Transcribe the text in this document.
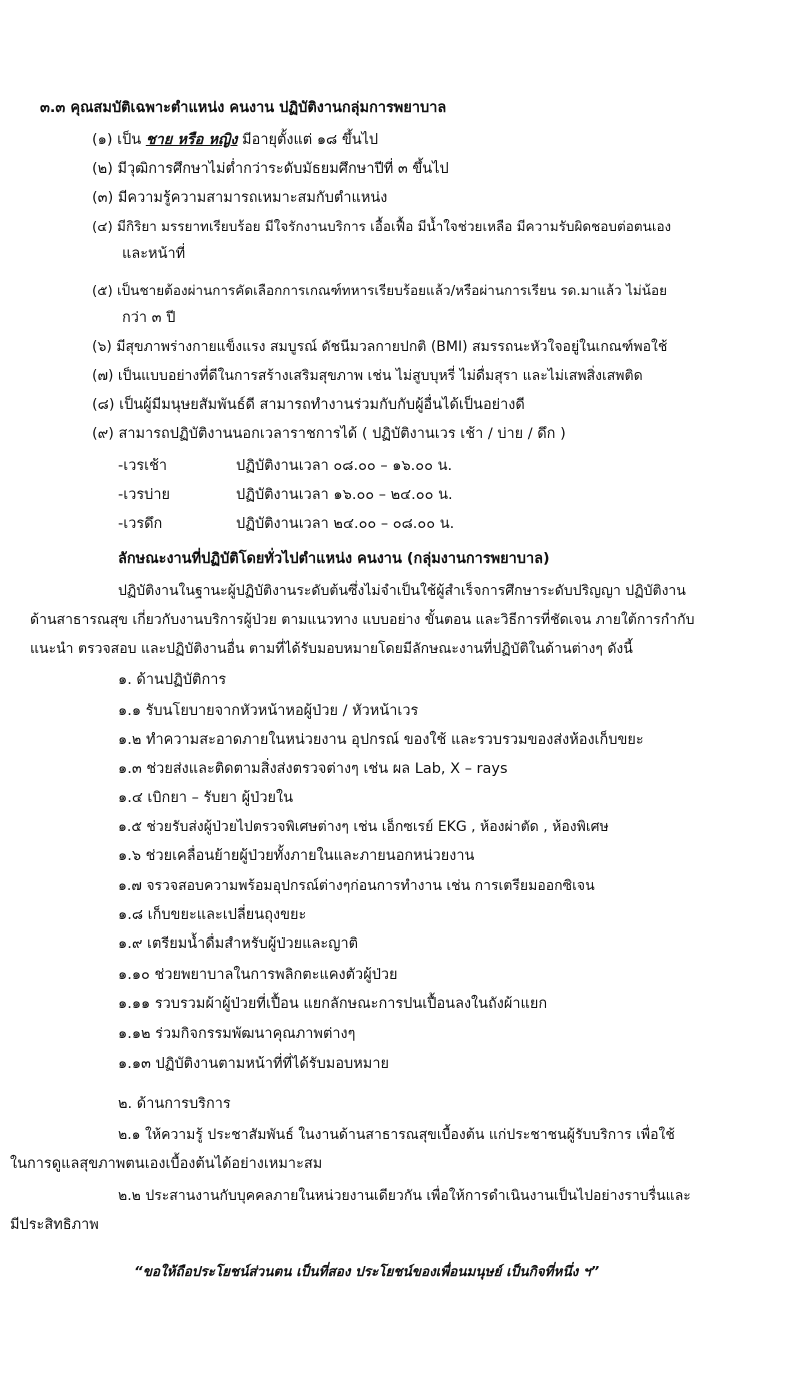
๓.๓ คุณสมบัติเฉพาะตำแหน่ง คนงาน ปฏิบัติงานกลุ่มการพยาบาล
(๑) เป็น ชาย หรือ หญิง มีอายุตั้งแต่ ๑๘ ขึ้นไป
(๒) มีวุฒิการศึกษาไม่ต่ำกว่าระดับมัธยมศึกษาปีที่ ๓ ขึ้นไป
(๓) มีความรู้ความสามารถเหมาะสมกับตำแหน่ง
(๔) มีกิริยา มรรยาทเรียบร้อย มีใจรักงานบริการ เอื้อเฟื้อ มีน้ำใจช่วยเหลือ มีความรับผิดชอบต่อตนเอง
และหน้าที่
(๕) เป็นชายต้องผ่านการคัดเลือกการเกณฑ์ทหารเรียบร้อยแล้ว/หรือผ่านการเรียน รด.มาแล้ว ไม่น้อย
กว่า ๓ ปี
(๖) มีสุขภาพร่างกายแข็งแรง สมบูรณ์ ดัชนีมวลกายปกติ (BMI) สมรรถนะหัวใจอยู่ในเกณฑ์พอใช้
(๗) เป็นแบบอย่างที่ดีในการสร้างเสริมสุขภาพ เช่น ไม่สูบบุหรี่ ไม่ดื่มสุรา และไม่เสพสิ่งเสพติด
(๘) เป็นผู้มีมนุษยสัมพันธ์ดี สามารถทำงานร่วมกับกับผู้อื่นได้เป็นอย่างดี
(๙) สามารถปฏิบัติงานนอกเวลาราชการได้ ( ปฏิบัติงานเวร เช้า / บ่าย / ดึก )
-เวรเช้า	ปฏิบัติงานเวลา ๐๘.๐๐ – ๑๖.๐๐ น.
-เวรบ่าย	ปฏิบัติงานเวลา ๑๖.๐๐ – ๒๔.๐๐ น.
-เวรดึก	ปฏิบัติงานเวลา ๒๔.๐๐ – ๐๘.๐๐ น.
ลักษณะงานที่ปฏิบัติโดยทั่วไปตำแหน่ง คนงาน (กลุ่มงานการพยาบาล)
ปฏิบัติงานในฐานะผู้ปฏิบัติงานระดับต้นซึ่งไม่จำเป็นใช้ผู้สำเร็จการศึกษาระดับปริญญา ปฏิบัติงาน
ด้านสาธารณสุข เกี่ยวกับงานบริการผู้ป่วย ตามแนวทาง แบบอย่าง ขั้นตอน และวิธีการที่ชัดเจน ภายใต้การกำกับ
แนะนำ ตรวจสอบ และปฏิบัติงานอื่น ตามที่ได้รับมอบหมายโดยมีลักษณะงานที่ปฏิบัติในด้านต่างๆ ดังนี้
๑. ด้านปฏิบัติการ
๑.๑ รับนโยบายจากหัวหน้าหอผู้ป่วย / หัวหน้าเวร
๑.๒ ทำความสะอาดภายในหน่วยงาน อุปกรณ์ ของใช้ และรวบรวมของส่งห้องเก็บขยะ
๑.๓ ช่วยส่งและติดตามสิ่งส่งตรวจต่างๆ เช่น ผล Lab, X – rays
๑.๔ เบิกยา – รับยา ผู้ป่วยใน
๑.๕ ช่วยรับส่งผู้ป่วยไปตรวจพิเศษต่างๆ เช่น เอ็กซเรย์ EKG , ห้องผ่าตัด , ห้องพิเศษ
๑.๖ ช่วยเคลื่อนย้ายผู้ป่วยทั้งภายในและภายนอกหน่วยงาน
๑.๗ จรวจสอบความพร้อมอุปกรณ์ต่างๆก่อนการทำงาน เช่น การเตรียมออกซิเจน
๑.๘ เก็บขยะและเปลี่ยนถุงขยะ
๑.๙ เตรียมน้ำดื่มสำหรับผู้ป่วยและญาติ
๑.๑๐ ช่วยพยาบาลในการพลิกตะแคงตัวผู้ป่วย
๑.๑๑ รวบรวมผ้าผู้ป่วยที่เปื้อน แยกลักษณะการปนเปื้อนลงในถังผ้าแยก
๑.๑๒ ร่วมกิจกรรมพัฒนาคุณภาพต่างๆ
๑.๑๓ ปฏิบัติงานตามหน้าที่ที่ได้รับมอบหมาย
๒. ด้านการบริการ
๒.๑ ให้ความรู้ ประชาสัมพันธ์ ในงานด้านสาธารณสุขเบื้องต้น แก่ประชาชนผู้รับบริการ เพื่อใช้
ในการดูแลสุขภาพตนเองเบื้องต้นได้อย่างเหมาะสม
๒.๒ ประสานงานกับบุคคลภายในหน่วยงานเดียวกัน เพื่อให้การดำเนินงานเป็นไปอย่างราบรื่นและ
มีประสิทธิภาพ
“ขอให้ถือประโยชน์ส่วนตน เป็นที่สอง ประโยชน์ของเพื่อนมนุษย์ เป็นกิจที่หนึ่ง ฯ”
